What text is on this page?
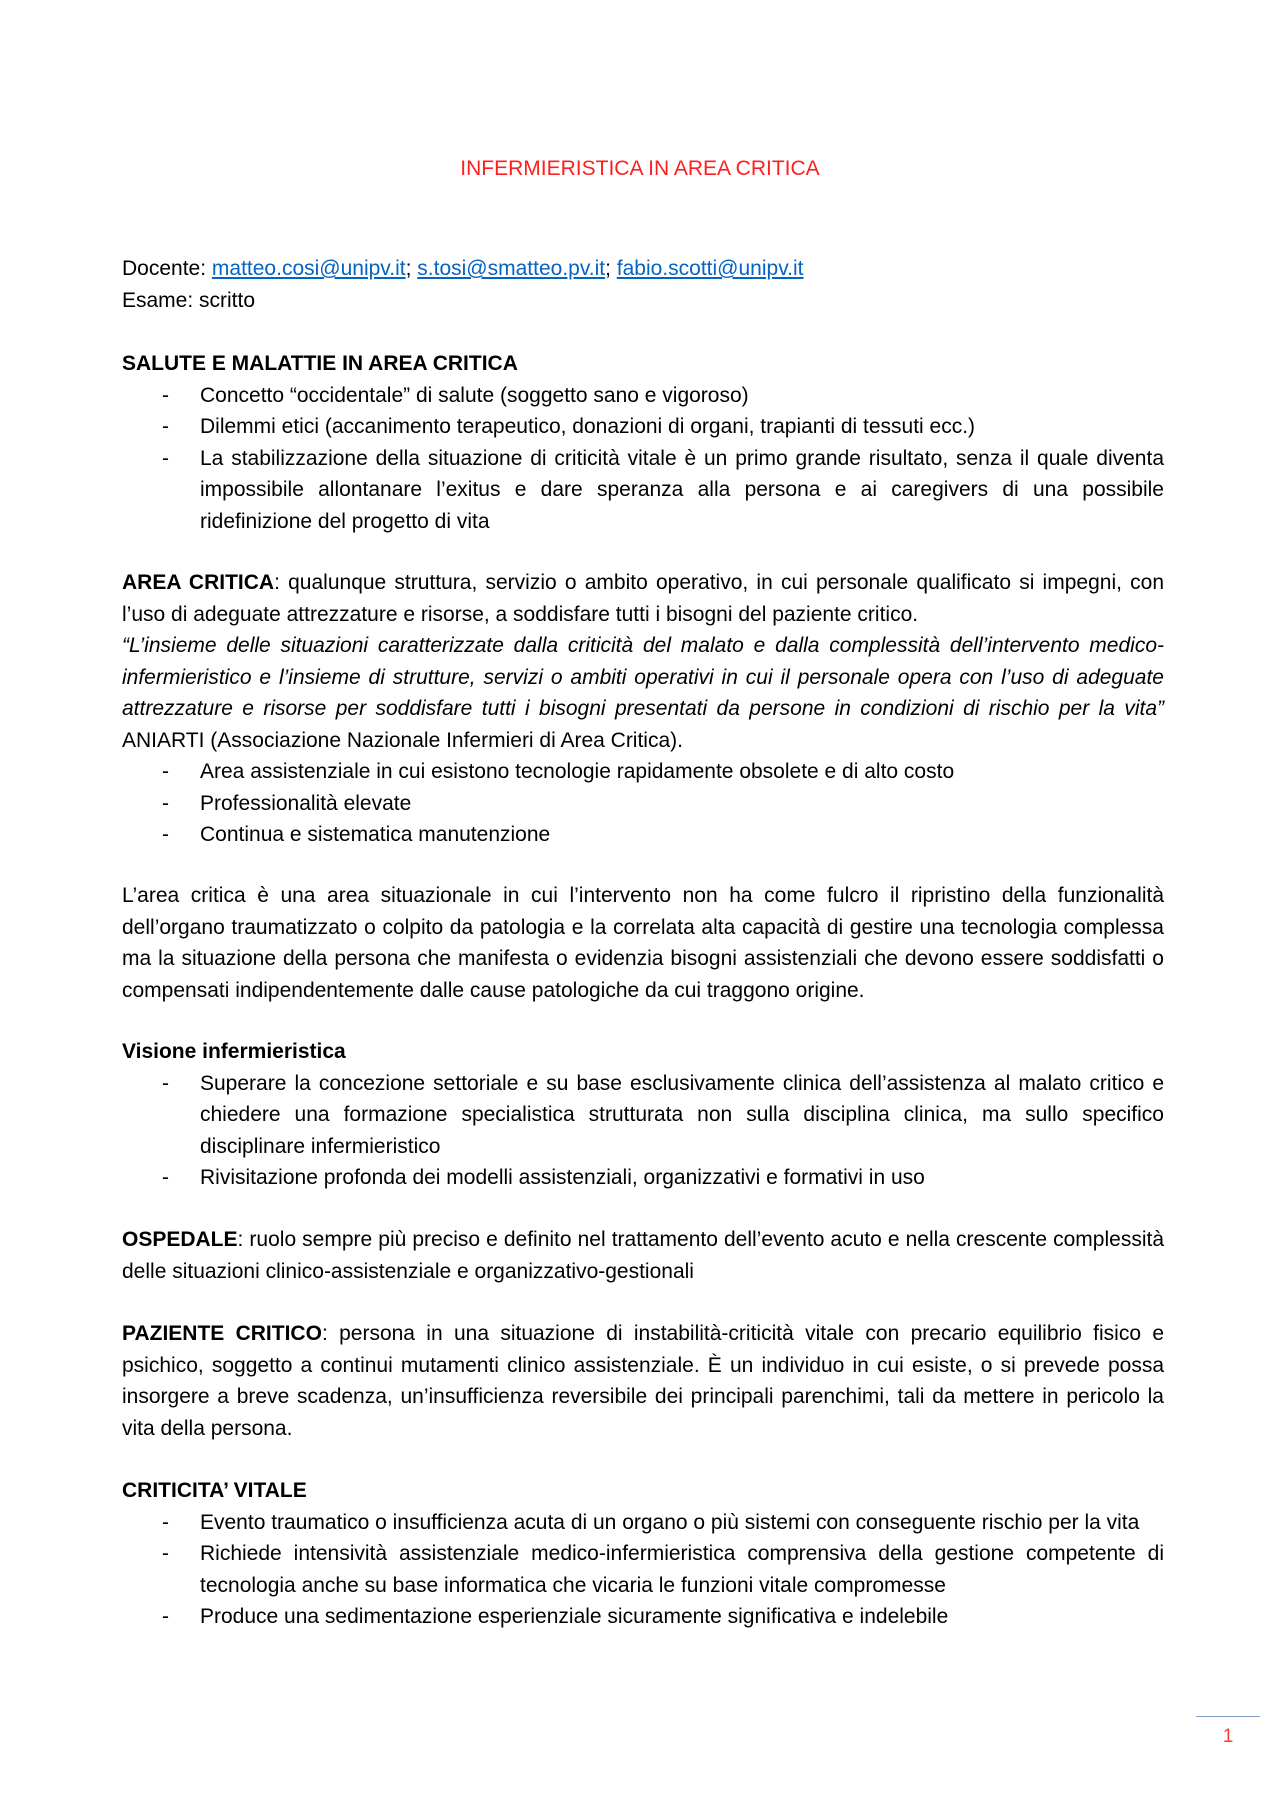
INFERMIERISTICA IN AREA CRITICA

Docente: matteo.cosi@unipv.it; s.tosi@smatteo.pv.it; fabio.scotti@unipv.it

Esame: scritto

SALUTE E MALATTIE IN AREA CRITICA

- Concetto “occidentale” di salute (soggetto sano e vigoroso)
- Dilemmi etici (accanimento terapeutico, donazioni di organi, trapianti di tessuti ecc.)
- La stabilizzazione della situazione di criticità vitale è un primo grande risultato, senza il quale diventa impossibile allontanare l’exitus e dare speranza alla persona e ai caregivers di una possibile ridefinizione del progetto di vita

AREA CRITICA: qualunque struttura, servizio o ambito operativo, in cui personale qualificato si impegni, con l’uso di adeguate attrezzature e risorse, a soddisfare tutti i bisogni del paziente critico.

“L’insieme delle situazioni caratterizzate dalla criticità del malato e dalla complessità dell’intervento medico-infermieristico e l’insieme di strutture, servizi o ambiti operativi in cui il personale opera con l’uso di adeguate attrezzature e risorse per soddisfare tutti i bisogni presentati da persone in condizioni di rischio per la vita” ANIARTI (Associazione Nazionale Infermieri di Area Critica).

- Area assistenziale in cui esistono tecnologie rapidamente obsolete e di alto costo
- Professionalità elevate
- Continua e sistematica manutenzione

L’area critica è una area situazionale in cui l’intervento non ha come fulcro il ripristino della funzionalità dell’organo traumatizzato o colpito da patologia e la correlata alta capacità di gestire una tecnologia complessa ma la situazione della persona che manifesta o evidenzia bisogni assistenziali che devono essere soddisfatti o compensati indipendentemente dalle cause patologiche da cui traggono origine.

Visione infermieristica

- Superare la concezione settoriale e su base esclusivamente clinica dell’assistenza al malato critico e chiedere una formazione specialistica strutturata non sulla disciplina clinica, ma sullo specifico disciplinare infermieristico
- Rivisitazione profonda dei modelli assistenziali, organizzativi e formativi in uso

OSPEDALE: ruolo sempre più preciso e definito nel trattamento dell’evento acuto e nella crescente complessità delle situazioni clinico-assistenziale e organizzativo-gestionali

PAZIENTE CRITICO: persona in una situazione di instabilità-criticità vitale con precario equilibrio fisico e psichico, soggetto a continui mutamenti clinico assistenziale. È un individuo in cui esiste, o si prevede possa insorgere a breve scadenza, un’insufficienza reversibile dei principali parenchimi, tali da mettere in pericolo la vita della persona.

CRITICITA’ VITALE

- Evento traumatico o insufficienza acuta di un organo o più sistemi con conseguente rischio per la vita
- Richiede intensività assistenziale medico-infermieristica comprensiva della gestione competente di tecnologia anche su base informatica che vicaria le funzioni vitale compromesse
- Produce una sedimentazione esperienziale sicuramente significativa e indelebile
1
